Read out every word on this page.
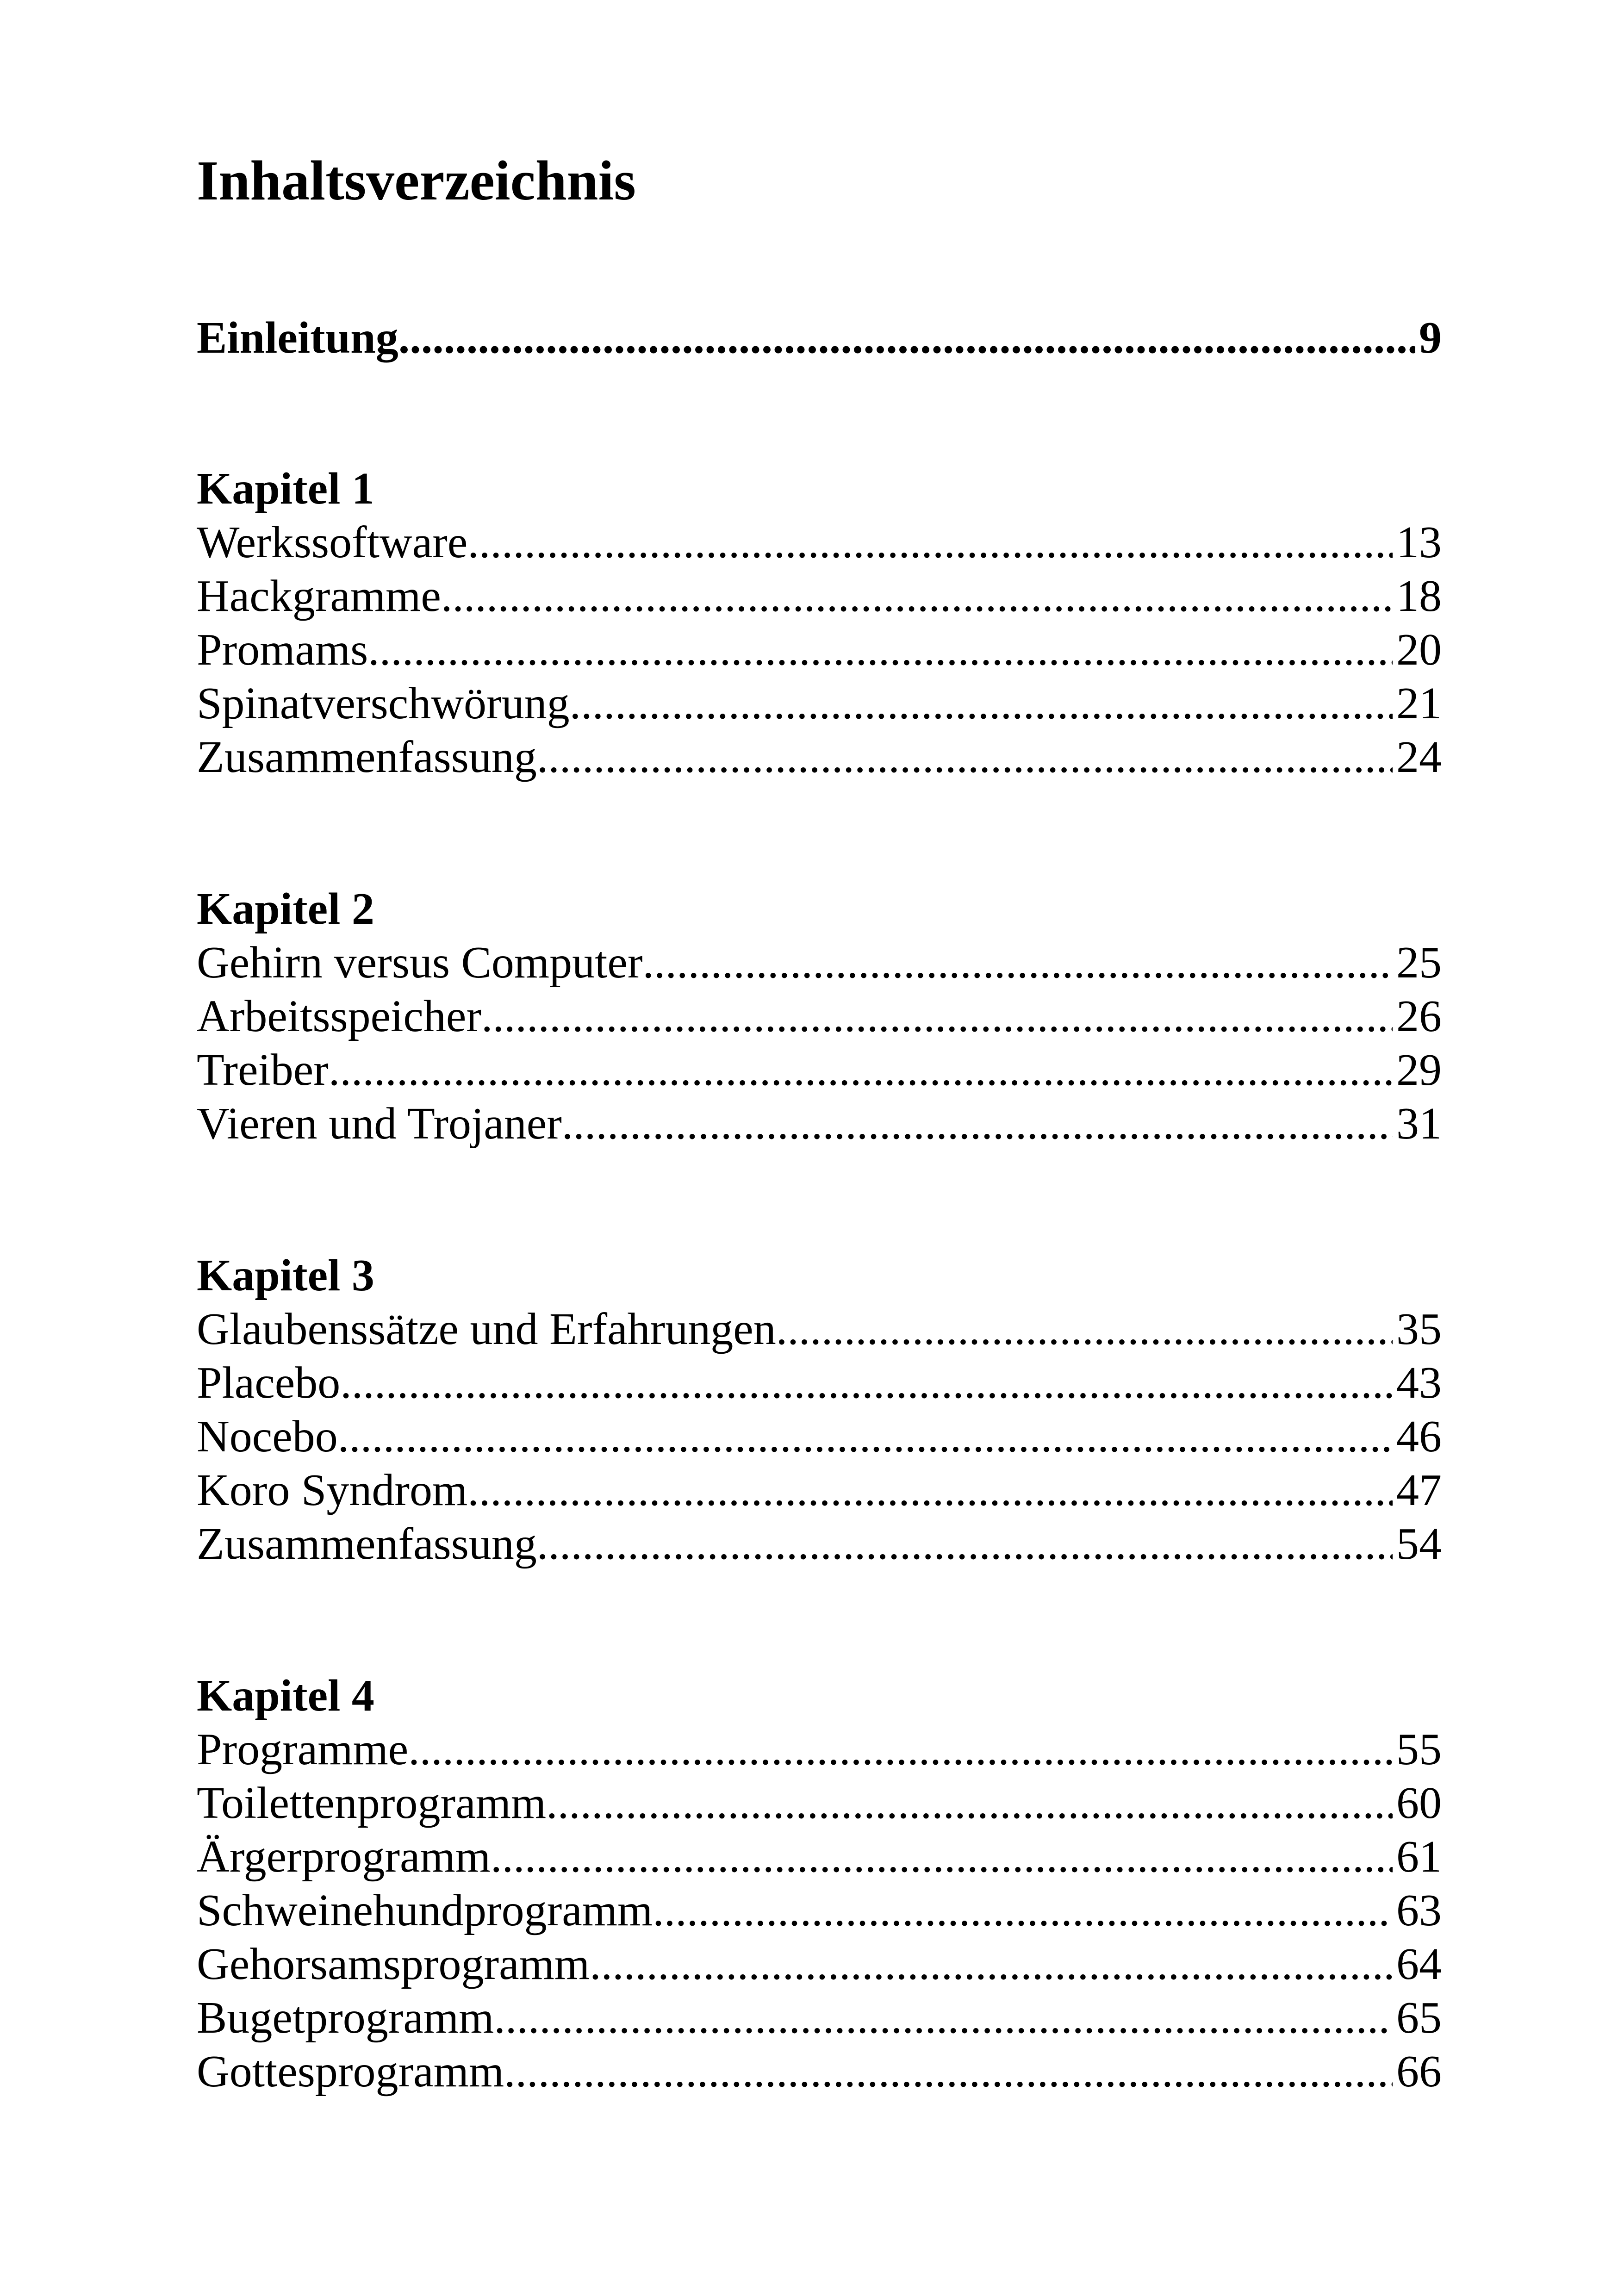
Inhaltsverzeichnis
Einleitung .....	9
Kapitel 1
Werkssoftware .....	13
Hackgramme .....	18
Promams .....	20
Spinatverschwörung .....	21
Zusammenfassung .....	24
Kapitel 2
Gehirn versus Computer .....	25
Arbeitsspeicher .....	26
Treiber .....	29
Vieren und Trojaner .....	31
Kapitel 3
Glaubenssätze und Erfahrungen .....	35
Placebo .....	43
Nocebo .....	46
Koro Syndrom .....	47
Zusammenfassung .....	54
Kapitel 4
Programme .....	55
Toilettenprogramm .....	60
Ärgerprogramm .....	61
Schweinehundprogramm .....	63
Gehorsamsprogramm .....	64
Bugetprogramm .....	65
Gottesprogramm .....	66
